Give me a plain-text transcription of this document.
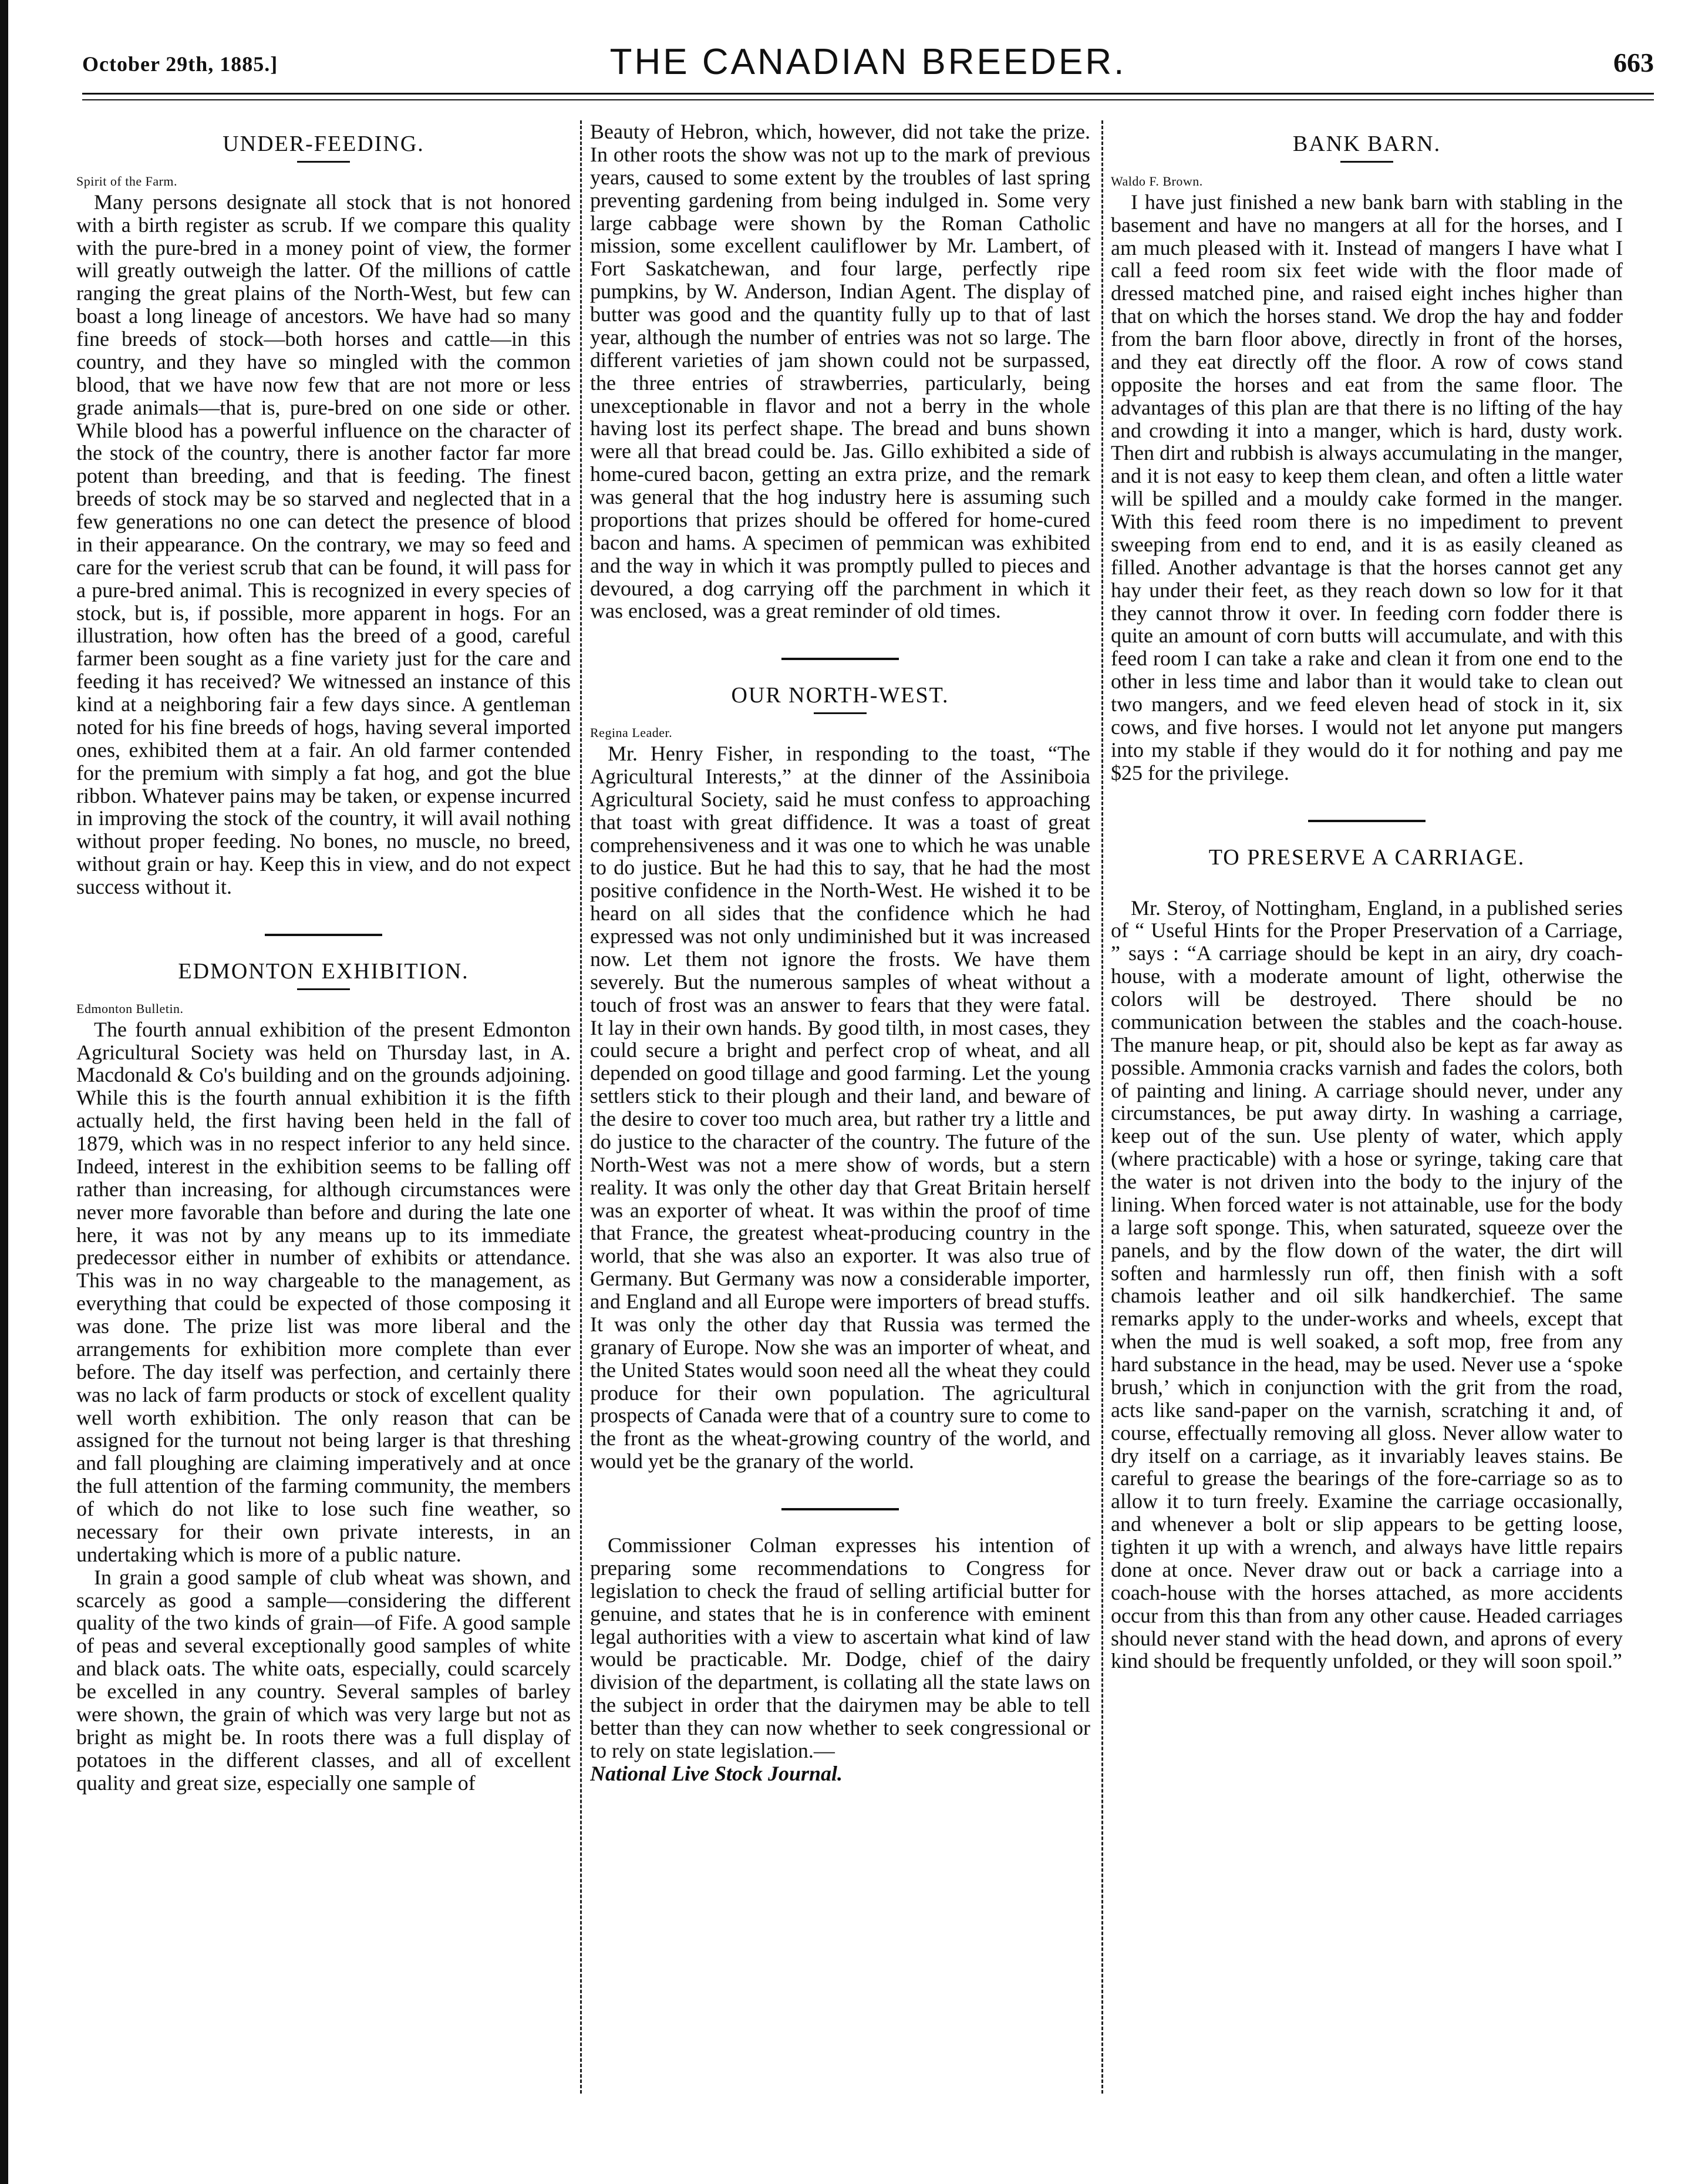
October 29th, 1885.]	THE CANADIAN BREEDER.	663
UNDER-FEEDING.
Spirit of the Farm.

Many persons designate all stock that is not honored with a birth register as scrub. If we compare this quality with the pure-bred in a money point of view, the former will greatly outweigh the latter. Of the millions of cattle ranging the great plains of the North-West, but few can boast a long lineage of ancestors. We have had so many fine breeds of stock—both horses and cattle—in this country, and they have so mingled with the common blood, that we have now few that are not more or less grade animals—that is, pure-bred on one side or other. While blood has a powerful influence on the character of the stock of the country, there is another factor far more potent than breeding, and that is feeding. The finest breeds of stock may be so starved and neglected that in a few generations no one can detect the presence of blood in their appearance. On the contrary, we may so feed and care for the veriest scrub that can be found, it will pass for a pure-bred animal. This is recognized in every species of stock, but is, if possible, more apparent in hogs. For an illustration, how often has the breed of a good, careful farmer been sought as a fine variety just for the care and feeding it has received? We witnessed an instance of this kind at a neighboring fair a few days since. A gentleman noted for his fine breeds of hogs, having several imported ones, exhibited them at a fair. An old farmer contended for the premium with simply a fat hog, and got the blue ribbon. Whatever pains may be taken, or expense incurred in improving the stock of the country, it will avail nothing without proper feeding. No bones, no muscle, no breed, without grain or hay. Keep this in view, and do not expect success without it.

EDMONTON EXHIBITION.
Edmonton Bulletin.

The fourth annual exhibition of the present Edmonton Agricultural Society was held on Thursday last, in A. Macdonald & Co's building and on the grounds adjoining. While this is the fourth annual exhibition it is the fifth actually held, the first having been held in the fall of 1879, which was in no respect inferior to any held since. Indeed, interest in the exhibition seems to be falling off rather than increasing, for although circumstances were never more favorable than before and during the late one here, it was not by any means up to its immediate predecessor either in number of exhibits or attendance. This was in no way chargeable to the management, as everything that could be expected of those composing it was done. The prize list was more liberal and the arrangements for exhibition more complete than ever before. The day itself was perfection, and certainly there was no lack of farm products or stock of excellent quality well worth exhibition. The only reason that can be assigned for the turnout not being larger is that threshing and fall ploughing are claiming imperatively and at once the full attention of the farming community, the members of which do not like to lose such fine weather, so necessary for their own private interests, in an undertaking which is more of a public nature.

In grain a good sample of club wheat was shown, and scarcely as good a sample—considering the different quality of the two kinds of grain—of Fife. A good sample of peas and several exceptionally good samples of white and black oats. The white oats, especially, could scarcely be excelled in any country. Several samples of barley were shown, the grain of which was very large but not as bright as might be. In roots there was a full display of potatoes in the different classes, and all of excellent quality and great size, especially one sample of

Beauty of Hebron, which, however, did not take the prize. In other roots the show was not up to the mark of previous years, caused to some extent by the troubles of last spring preventing gardening from being indulged in. Some very large cabbage were shown by the Roman Catholic mission, some excellent cauliflower by Mr. Lambert, of Fort Saskatchewan, and four large, perfectly ripe pumpkins, by W. Anderson, Indian Agent. The display of butter was good and the quantity fully up to that of last year, although the number of entries was not so large. The different varieties of jam shown could not be surpassed, the three entries of strawberries, particularly, being unexceptionable in flavor and not a berry in the whole having lost its perfect shape. The bread and buns shown were all that bread could be. Jas. Gillo exhibited a side of home-cured bacon, getting an extra prize, and the remark was general that the hog industry here is assuming such proportions that prizes should be offered for home-cured bacon and hams. A specimen of pemmican was exhibited and the way in which it was promptly pulled to pieces and devoured, a dog carrying off the parchment in which it was enclosed, was a great reminder of old times.

OUR NORTH-WEST.
Regina Leader.

Mr. Henry Fisher, in responding to the toast, “The Agricultural Interests,” at the dinner of the Assiniboia Agricultural Society, said he must confess to approaching that toast with great diffidence. It was a toast of great comprehensiveness and it was one to which he was unable to do justice. But he had this to say, that he had the most positive confidence in the North-West. He wished it to be heard on all sides that the confidence which he had expressed was not only undiminished but it was increased now. Let them not ignore the frosts. We have them severely. But the numerous samples of wheat without a touch of frost was an answer to fears that they were fatal. It lay in their own hands. By good tilth, in most cases, they could secure a bright and perfect crop of wheat, and all depended on good tillage and good farming. Let the young settlers stick to their plough and their land, and beware of the desire to cover too much area, but rather try a little and do justice to the character of the country. The future of the North-West was not a mere show of words, but a stern reality. It was only the other day that Great Britain herself was an exporter of wheat. It was within the proof of time that France, the greatest wheat-producing country in the world, that she was also an exporter. It was also true of Germany. But Germany was now a considerable importer, and England and all Europe were importers of bread stuffs. It was only the other day that Russia was termed the granary of Europe. Now she was an importer of wheat, and the United States would soon need all the wheat they could produce for their own population. The agricultural prospects of Canada were that of a country sure to come to the front as the wheat-growing country of the world, and would yet be the granary of the world.

Commissioner Colman expresses his intention of preparing some recommendations to Congress for legislation to check the fraud of selling artificial butter for genuine, and states that he is in conference with eminent legal authorities with a view to ascertain what kind of law would be practicable. Mr. Dodge, chief of the dairy division of the department, is collating all the state laws on the subject in order that the dairymen may be able to tell better than they can now whether to seek congressional or to rely on state legislation.—
National Live Stock Journal.

BANK BARN.
Waldo F. Brown.

I have just finished a new bank barn with stabling in the basement and have no mangers at all for the horses, and I am much pleased with it. Instead of mangers I have what I call a feed room six feet wide with the floor made of dressed matched pine, and raised eight inches higher than that on which the horses stand. We drop the hay and fodder from the barn floor above, directly in front of the horses, and they eat directly off the floor. A row of cows stand opposite the horses and eat from the same floor. The advantages of this plan are that there is no lifting of the hay and crowding it into a manger, which is hard, dusty work. Then dirt and rubbish is always accumulating in the manger, and it is not easy to keep them clean, and often a little water will be spilled and a mouldy cake formed in the manger. With this feed room there is no impediment to prevent sweeping from end to end, and it is as easily cleaned as filled. Another advantage is that the horses cannot get any hay under their feet, as they reach down so low for it that they cannot throw it over. In feeding corn fodder there is quite an amount of corn butts will accumulate, and with this feed room I can take a rake and clean it from one end to the other in less time and labor than it would take to clean out two mangers, and we feed eleven head of stock in it, six cows, and five horses. I would not let anyone put mangers into my stable if they would do it for nothing and pay me $25 for the privilege.

TO PRESERVE A CARRIAGE.

Mr. Steroy, of Nottingham, England, in a published series of “ Useful Hints for the Proper Preservation of a Carriage, ” says : “A carriage should be kept in an airy, dry coach-house, with a moderate amount of light, otherwise the colors will be destroyed. There should be no communication between the stables and the coach-house. The manure heap, or pit, should also be kept as far away as possible. Ammonia cracks varnish and fades the colors, both of painting and lining. A carriage should never, under any circumstances, be put away dirty. In washing a carriage, keep out of the sun. Use plenty of water, which apply (where practicable) with a hose or syringe, taking care that the water is not driven into the body to the injury of the lining. When forced water is not attainable, use for the body a large soft sponge. This, when saturated, squeeze over the panels, and by the flow down of the water, the dirt will soften and harmlessly run off, then finish with a soft chamois leather and oil silk handkerchief. The same remarks apply to the under-works and wheels, except that when the mud is well soaked, a soft mop, free from any hard substance in the head, may be used. Never use a ‘spoke brush,’ which in conjunction with the grit from the road, acts like sand-paper on the varnish, scratching it and, of course, effectually removing all gloss. Never allow water to dry itself on a carriage, as it invariably leaves stains. Be careful to grease the bearings of the fore-carriage so as to allow it to turn freely. Examine the carriage occasionally, and whenever a bolt or slip appears to be getting loose, tighten it up with a wrench, and always have little repairs done at once. Never draw out or back a carriage into a coach-house with the horses attached, as more accidents occur from this than from any other cause. Headed carriages should never stand with the head down, and aprons of every kind should be frequently unfolded, or they will soon spoil.”
